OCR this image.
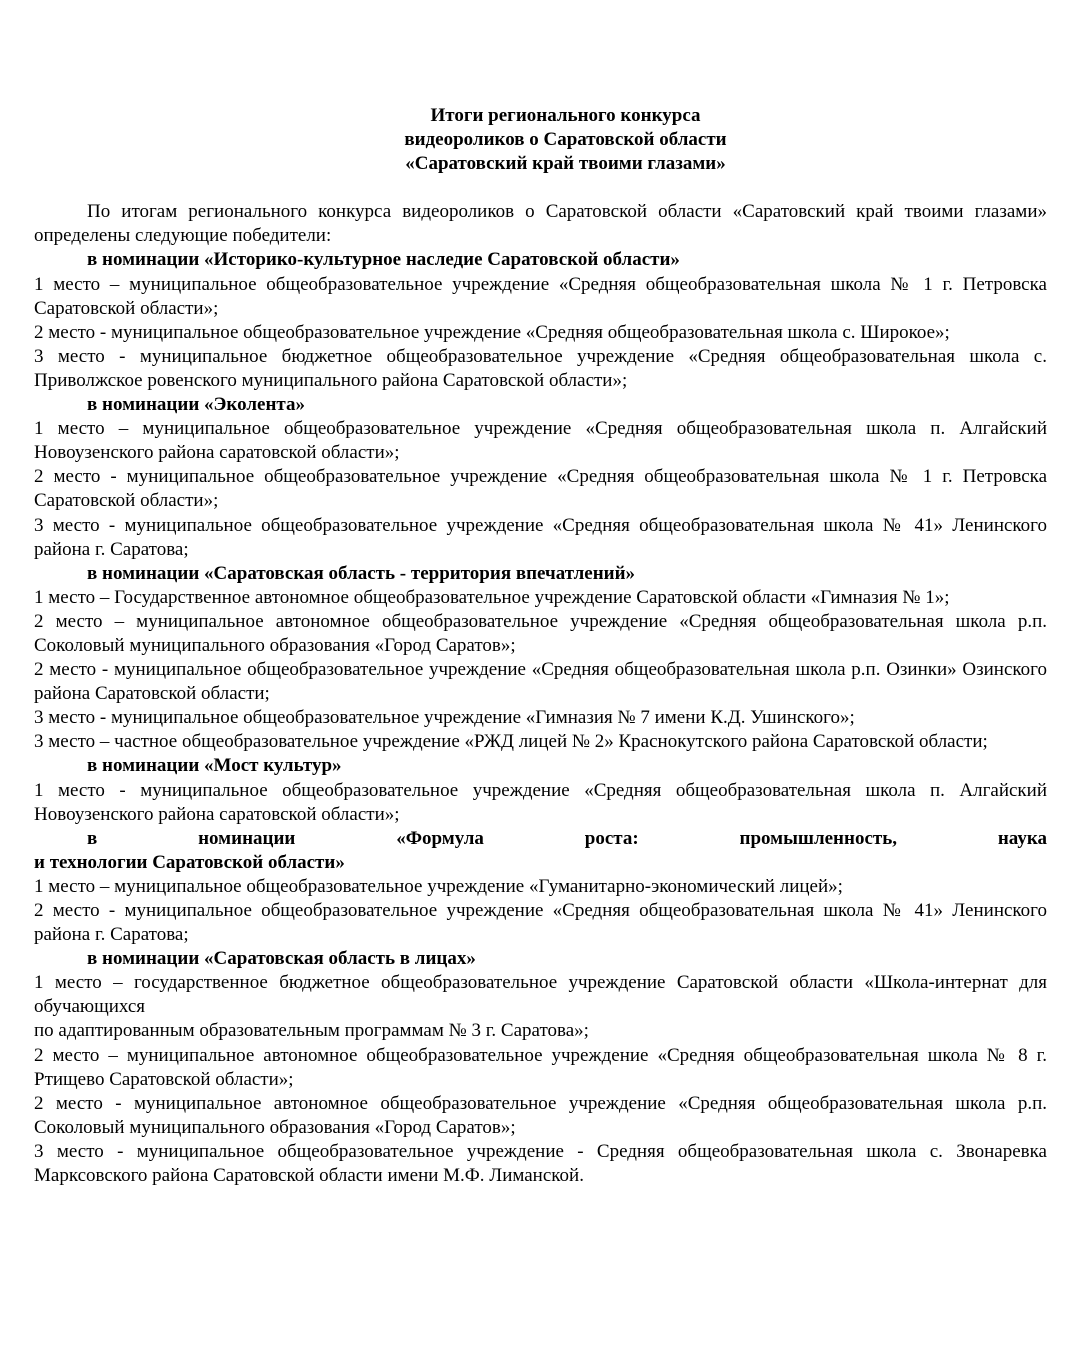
Итоги регионального конкурса
видеороликов о Саратовской области
«Саратовский край твоими глазами»

По итогам регионального конкурса видеороликов о Саратовской области «Саратовский край твоими глазами» определены следующие победители:

в номинации «Историко-культурное наследие Саратовской области»

1 место – муниципальное общеобразовательное учреждение «Средняя общеобразовательная школа № 1 г. Петровска Саратовской области»;

2 место - муниципальное общеобразовательное учреждение «Средняя общеобразовательная школа с. Широкое»;

3 место - муниципальное бюджетное общеобразовательное учреждение «Средняя общеобразовательная школа с. Приволжское ровенского муниципального района Саратовской области»;

в номинации «Эколента»

1 место – муниципальное общеобразовательное учреждение «Средняя общеобразовательная школа п. Алгайский Новоузенского района саратовской области»;

2 место - муниципальное общеобразовательное учреждение «Средняя общеобразовательная школа № 1 г. Петровска Саратовской области»;

3 место - муниципальное общеобразовательное учреждение «Средняя общеобразовательная школа № 41» Ленинского района г. Саратова;

в номинации «Саратовская область - территория впечатлений»

1 место – Государственное автономное общеобразовательное учреждение Саратовской области «Гимназия № 1»;

2 место – муниципальное автономное общеобразовательное учреждение «Средняя общеобразовательная школа р.п. Соколовый муниципального образования «Город Саратов»;

2 место - муниципальное общеобразовательное учреждение «Средняя общеобразовательная школа р.п. Озинки» Озинского района Саратовской области;

3 место - муниципальное общеобразовательное учреждение «Гимназия № 7 имени К.Д. Ушинского»;

3 место – частное общеобразовательное учреждение «РЖД лицей № 2» Краснокутского района Саратовской области;

в номинации «Мост культур»

1 место - муниципальное общеобразовательное учреждение «Средняя общеобразовательная школа п. Алгайский Новоузенского района саратовской области»;

в номинации «Формула роста: промышленность, наука
и технологии Саратовской области»

1 место – муниципальное общеобразовательное учреждение «Гуманитарно-экономический лицей»;

2 место - муниципальное общеобразовательное учреждение «Средняя общеобразовательная школа № 41» Ленинского района г. Саратова;

в номинации «Саратовская область в лицах»

1 место – государственное бюджетное общеобразовательное учреждение Саратовской области «Школа-интернат для обучающихся
по адаптированным образовательным программам № 3 г. Саратова»;

2 место – муниципальное автономное общеобразовательное учреждение «Средняя общеобразовательная школа № 8 г. Ртищево Саратовской области»;

2 место - муниципальное автономное общеобразовательное учреждение «Средняя общеобразовательная школа р.п. Соколовый муниципального образования «Город Саратов»;

3 место - муниципальное общеобразовательное учреждение - Средняя общеобразовательная школа с. Звонаревка Марксовского района Саратовской области имени М.Ф. Лиманской.
